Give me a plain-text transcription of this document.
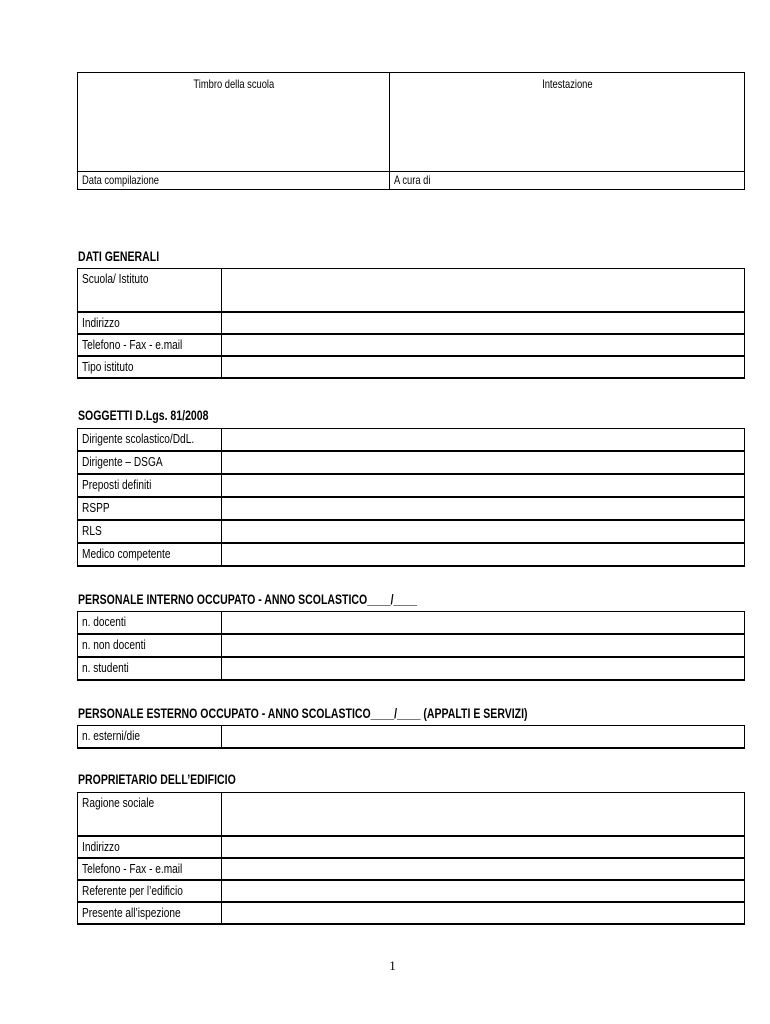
Timbro della scuola	Intestazione
Data compilazione	A cura di
DATI GENERALI
Scuola/ Istituto	
Indirizzo	
Telefono - Fax - e.mail	
Tipo istituto	
SOGGETTI D.Lgs. 81/2008
Dirigente scolastico/DdL.	
Dirigente – DSGA	
Preposti definiti	
RSPP	
RLS	
Medico competente	
PERSONALE INTERNO OCCUPATO - ANNO SCOLASTICO____/____
n. docenti	
n. non docenti	
n. studenti	
PERSONALE ESTERNO OCCUPATO - ANNO SCOLASTICO____/____ (APPALTI E SERVIZI)
n. esterni/die	
PROPRIETARIO DELL’EDIFICIO
Ragione sociale	
Indirizzo	
Telefono - Fax - e.mail	
Referente per l’edificio	
Presente all’ispezione	
1
